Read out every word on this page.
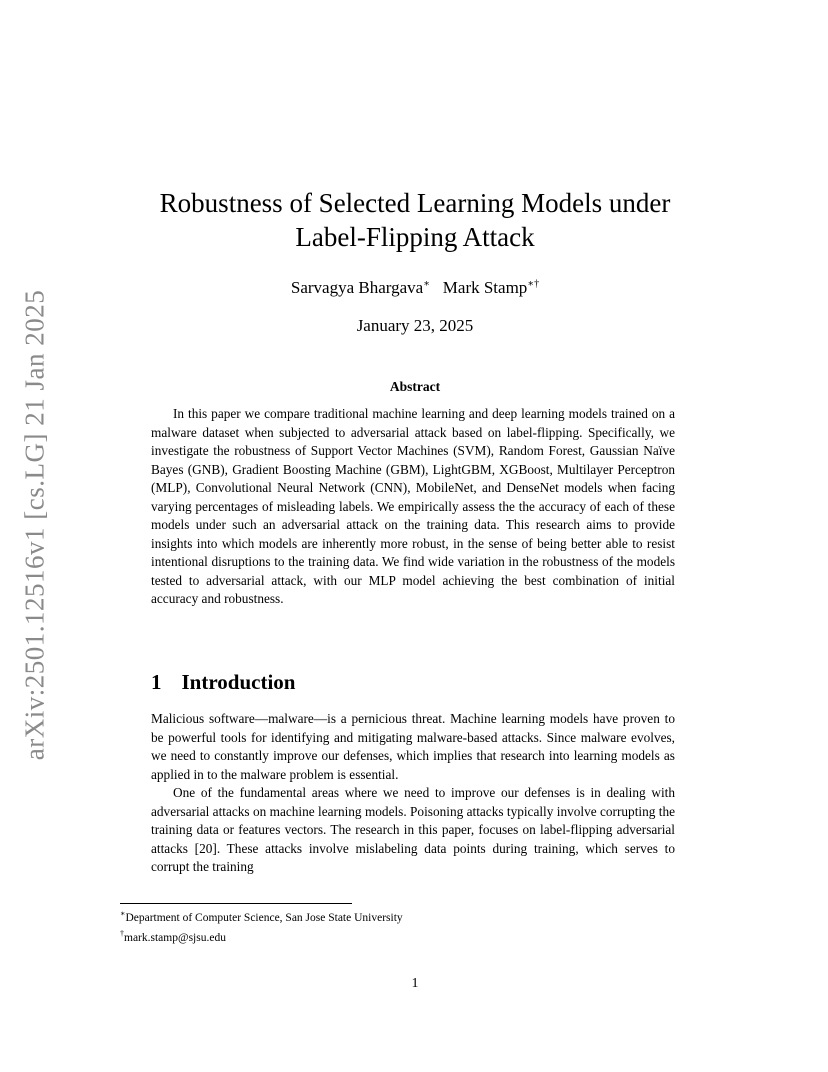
arXiv:2501.12516v1 [cs.LG] 21 Jan 2025
Robustness of Selected Learning Models under
Label-Flipping Attack
Sarvagya Bhargava∗ Mark Stamp∗†
January 23, 2025
Abstract

In this paper we compare traditional machine learning and deep learning models trained on a malware dataset when subjected to adversarial attack based on label-flipping. Specifically, we investigate the robustness of Support Vector Machines (SVM), Random Forest, Gaussian Naïve Bayes (GNB), Gradient Boosting Machine (GBM), LightGBM, XGBoost, Multilayer Perceptron (MLP), Convolutional Neural Network (CNN), MobileNet, and DenseNet models when facing varying percentages of misleading labels. We empirically assess the the accuracy of each of these models under such an adversarial attack on the training data. This research aims to provide insights into which models are inherently more robust, in the sense of being better able to resist intentional disruptions to the training data. We find wide variation in the robustness of the models tested to adversarial attack, with our MLP model achieving the best combination of initial accuracy and robustness.

1 Introduction

Malicious software—malware—is a pernicious threat. Machine learning models have proven to be powerful tools for identifying and mitigating malware-based attacks. Since malware evolves, we need to constantly improve our defenses, which implies that research into learning models as applied in to the malware problem is essential.

One of the fundamental areas where we need to improve our defenses is in dealing with adversarial attacks on machine learning models. Poisoning attacks typically involve corrupting the training data or features vectors. The research in this paper, focuses on label-flipping adversarial attacks [20]. These attacks involve mislabeling data points during training, which serves to corrupt the training

∗Department of Computer Science, San Jose State University
†mark.stamp@sjsu.edu
1
